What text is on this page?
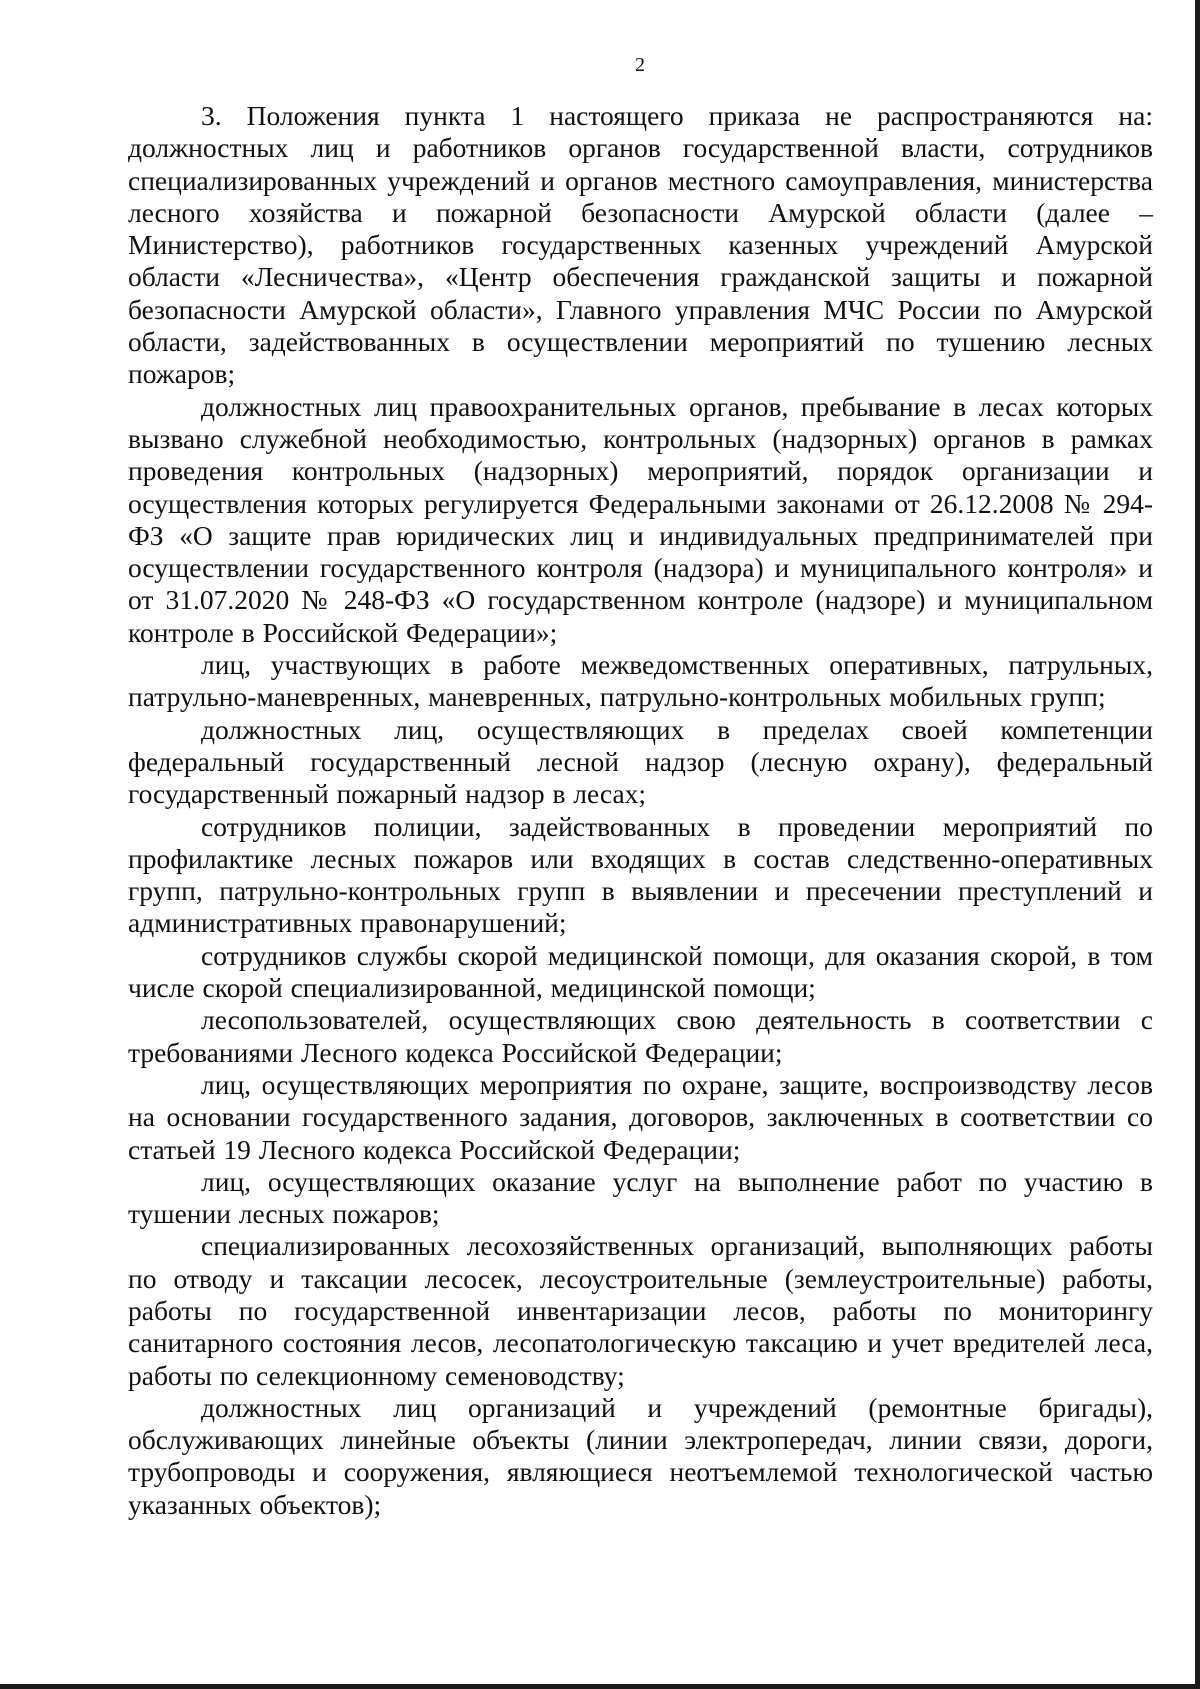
2

3. Положения пункта 1 настоящего приказа не распространяются на: должностных лиц и работников органов государственной власти, сотрудников специализированных учреждений и органов местного самоуправления, министерства лесного хозяйства и пожарной безопасности Амурской области (далее – Министерство), работников государственных казенных учреждений Амурской области «Лесничества», «Центр обеспечения гражданской защиты и пожарной безопасности Амурской области», Главного управления МЧС России по Амурской области, задействованных в осуществлении мероприятий по тушению лесных пожаров;

должностных лиц правоохранительных органов, пребывание в лесах которых вызвано служебной необходимостью, контрольных (надзорных) органов в рамках проведения контрольных (надзорных) мероприятий, порядок организации и осуществления которых регулируется Федеральными законами от 26.12.2008 № 294-ФЗ «О защите прав юридических лиц и индивидуальных предпринимателей при осуществлении государственного контроля (надзора) и муниципального контроля» и от 31.07.2020 № 248-ФЗ «О государственном контроле (надзоре) и муниципальном контроле в Российской Федерации»;

лиц, участвующих в работе межведомственных оперативных, патрульных, патрульно-маневренных, маневренных, патрульно-контрольных мобильных групп;

должностных лиц, осуществляющих в пределах своей компетенции федеральный государственный лесной надзор (лесную охрану), федеральный государственный пожарный надзор в лесах;

сотрудников полиции, задействованных в проведении мероприятий по профилактике лесных пожаров или входящих в состав следственно-оперативных групп, патрульно-контрольных групп в выявлении и пресечении преступлений и административных правонарушений;

сотрудников службы скорой медицинской помощи, для оказания скорой, в том числе скорой специализированной, медицинской помощи;

лесопользователей, осуществляющих свою деятельность в соответствии с требованиями Лесного кодекса Российской Федерации;

лиц, осуществляющих мероприятия по охране, защите, воспроизводству лесов на основании государственного задания, договоров, заключенных в соответствии со статьей 19 Лесного кодекса Российской Федерации;

лиц, осуществляющих оказание услуг на выполнение работ по участию в тушении лесных пожаров;

специализированных лесохозяйственных организаций, выполняющих работы по отводу и таксации лесосек, лесоустроительные (землеустроительные) работы, работы по государственной инвентаризации лесов, работы по мониторингу санитарного состояния лесов, лесопатологическую таксацию и учет вредителей леса, работы по селекционному семеноводству;

должностных лиц организаций и учреждений (ремонтные бригады), обслуживающих линейные объекты (линии электропередач, линии связи, дороги, трубопроводы и сооружения, являющиеся неотъемлемой технологической частью указанных объектов);
